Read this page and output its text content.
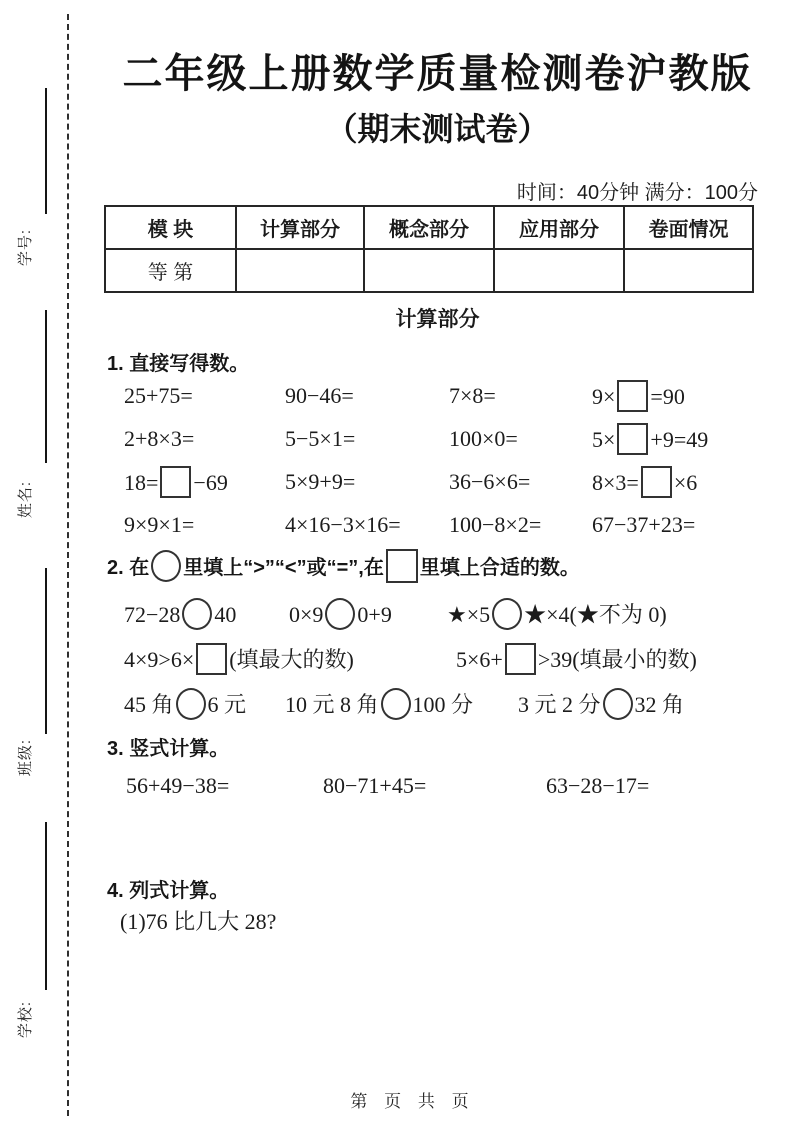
学号:
姓名:
班级:
学校:
二年级上册数学质量检测卷沪教版
（期末测试卷）
时间：40分钟 满分：100分
模 块	计算部分	概念部分	应用部分	卷面情况
等 第				
计算部分
1. 直接写得数。
25+75=	90−46=	7×8=	9× =90
2+8×3=	5−5×1=	100×0=	5× +9=49
18= −69	5×9+9=	36−6×6=	8×3= ×6
9×9×1=	4×16−3×16=	100−8×2=	67−37+23=
2. 在 里填上“>”“<”或“=”,在 里填上合适的数。
72−28 40	0×9 0+9	★×5 ★×4(★不为 0)
4×9>6× (填最大的数)	5×6+ >39(填最小的数)
45 角 6 元	10 元 8 角 100 分	3 元 2 分 32 角
3. 竖式计算。
56+49−38=	80−71+45=	63−28−17=
4. 列式计算。
(1)76 比几大 28?
第 页 共 页
